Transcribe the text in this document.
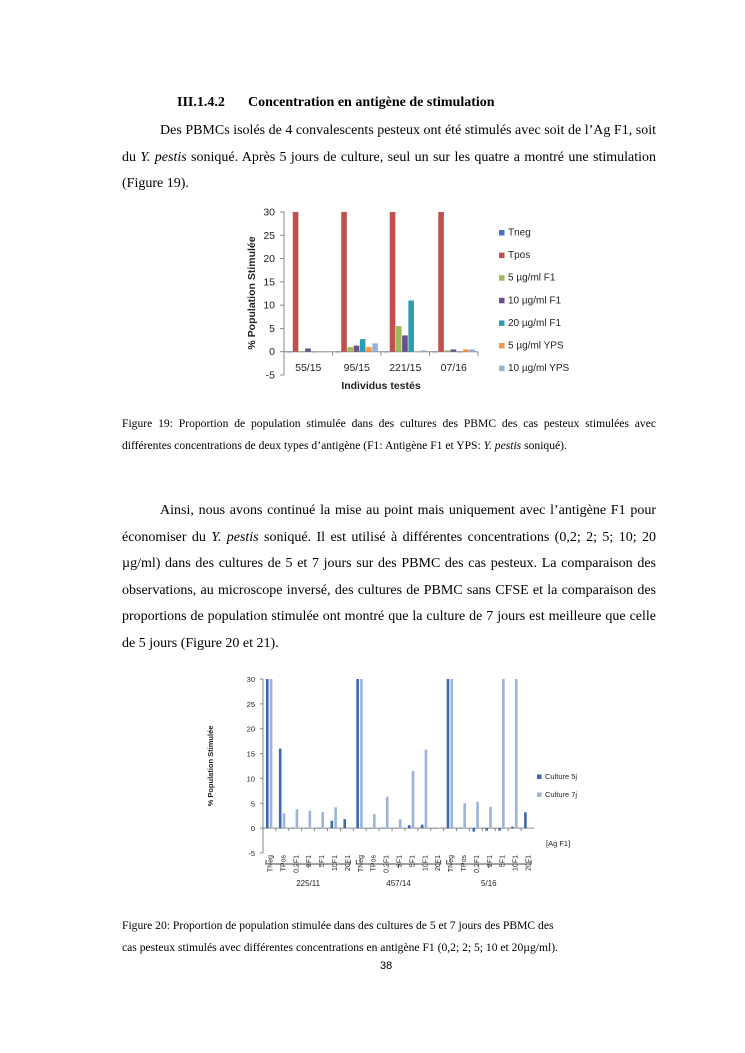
III.1.4.2 Concentration en antigène de stimulation
Des PBMCs isolés de 4 convalescents pesteux ont été stimulés avec soit de l’Ag F1, soit du Y. pestis soniqué. Après 5 jours de culture, seul un sur les quatre a montré une stimulation (Figure 19).
-5
0
5
10
15
20
25
30
55/15 95/15 221/15 07/16
% Population Stimulée
Individus testés
Tneg
Tpos
5 µg/ml F1
10 µg/ml F1
20 µg/ml F1
5 µg/ml YPS
10 µg/ml YPS
-5
0
5
10
15
20
25
30
% Population Stimulée
TNeg TPos 0,2F1 2F1 5F1 10F1 20F1
225/11
TNeg TPos 0,2F1 2F1 5F1 10F1 20F1
457/14
TNeg TPos 0,2F1 2F1 5F1 10F1 20F1
5/16
[Ag F1]
Culture 5j
Culture 7j
Figure 19: Proportion de population stimulée dans des cultures des PBMC des cas pesteux stimulées avec différentes concentrations de deux types d’antigène (F1: Antigène F1 et YPS: Y. pestis soniqué).
Ainsi, nous avons continué la mise au point mais uniquement avec l’antigène F1 pour économiser du Y. pestis soniqué. Il est utilisé à différentes concentrations (0,2; 2; 5; 10; 20 µg/ml) dans des cultures de 5 et 7 jours sur des PBMC des cas pesteux. La comparaison des observations, au microscope inversé, des cultures de PBMC sans CFSE et la comparaison des proportions de population stimulée ont montré que la culture de 7 jours est meilleure que celle de 5 jours (Figure 20 et 21).
Figure 20: Proportion de population stimulée dans des cultures de 5 et 7 jours des PBMC des
cas pesteux stimulés avec différentes concentrations en antigène F1 (0,2; 2; 5; 10 et 20µg/ml).
38
